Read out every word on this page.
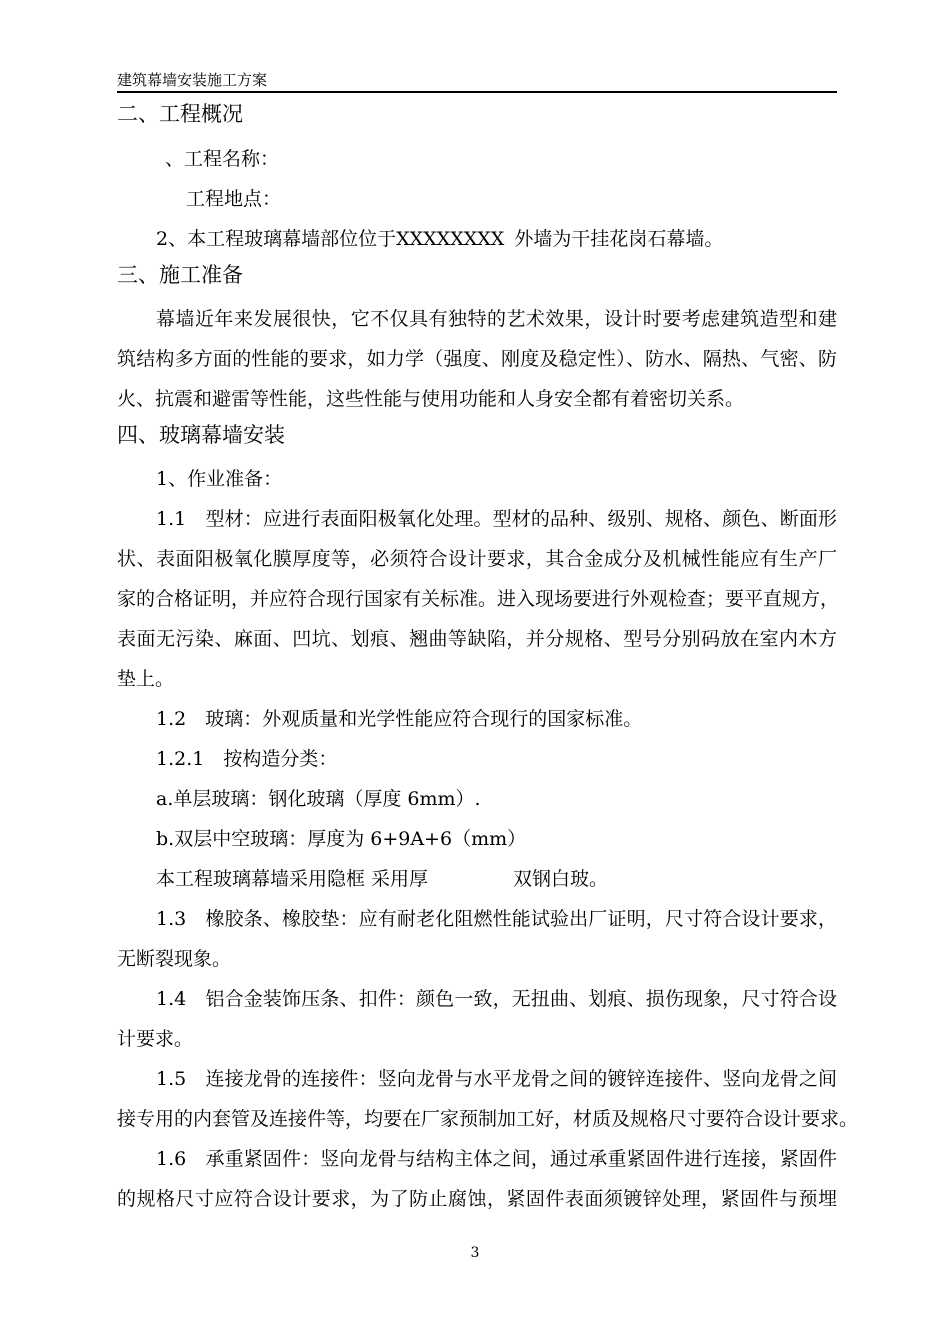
建筑幕墙安装施工方案
二、工程概况
、工程名称：
工程地点：
2、本工程玻璃幕墙部位位于XXXXXXXX 外墙为干挂花岗石幕墙。
三、施工准备
幕墙近年来发展很快，它不仅具有独特的艺术效果，设计时要考虑建筑造型和建
筑结构多方面的性能的要求，如力学（强度、刚度及稳定性）、防水、隔热、气密、防
火、抗震和避雷等性能，这些性能与使用功能和人身安全都有着密切关系。
四、玻璃幕墙安装
1、作业准备：
1.1　型材：应进行表面阳极氧化处理。型材的品种、级别、规格、颜色、断面形
状、表面阳极氧化膜厚度等，必须符合设计要求，其合金成分及机械性能应有生产厂
家的合格证明，并应符合现行国家有关标准。进入现场要进行外观检查；要平直规方，
表面无污染、麻面、凹坑、划痕、翘曲等缺陷，并分规格、型号分别码放在室内木方
垫上。
1.2　玻璃：外观质量和光学性能应符合现行的国家标准。
1.2.1　按构造分类：
a.单层玻璃：钢化玻璃（厚度 6mm）.
b.双层中空玻璃：厚度为 6+9A+6（mm）
本工程玻璃幕墙采用隐框 采用厚	双钢白玻。
1.3　橡胶条、橡胶垫：应有耐老化阻燃性能试验出厂证明，尺寸符合设计要求，
无断裂现象。
1.4　铝合金装饰压条、扣件：颜色一致，无扭曲、划痕、损伤现象，尺寸符合设
计要求。
1.5　连接龙骨的连接件：竖向龙骨与水平龙骨之间的镀锌连接件、竖向龙骨之间
接专用的内套管及连接件等，均要在厂家预制加工好，材质及规格尺寸要符合设计要求。
1.6　承重紧固件：竖向龙骨与结构主体之间，通过承重紧固件进行连接，紧固件
的规格尺寸应符合设计要求，为了防止腐蚀，紧固件表面须镀锌处理，紧固件与预埋
3
